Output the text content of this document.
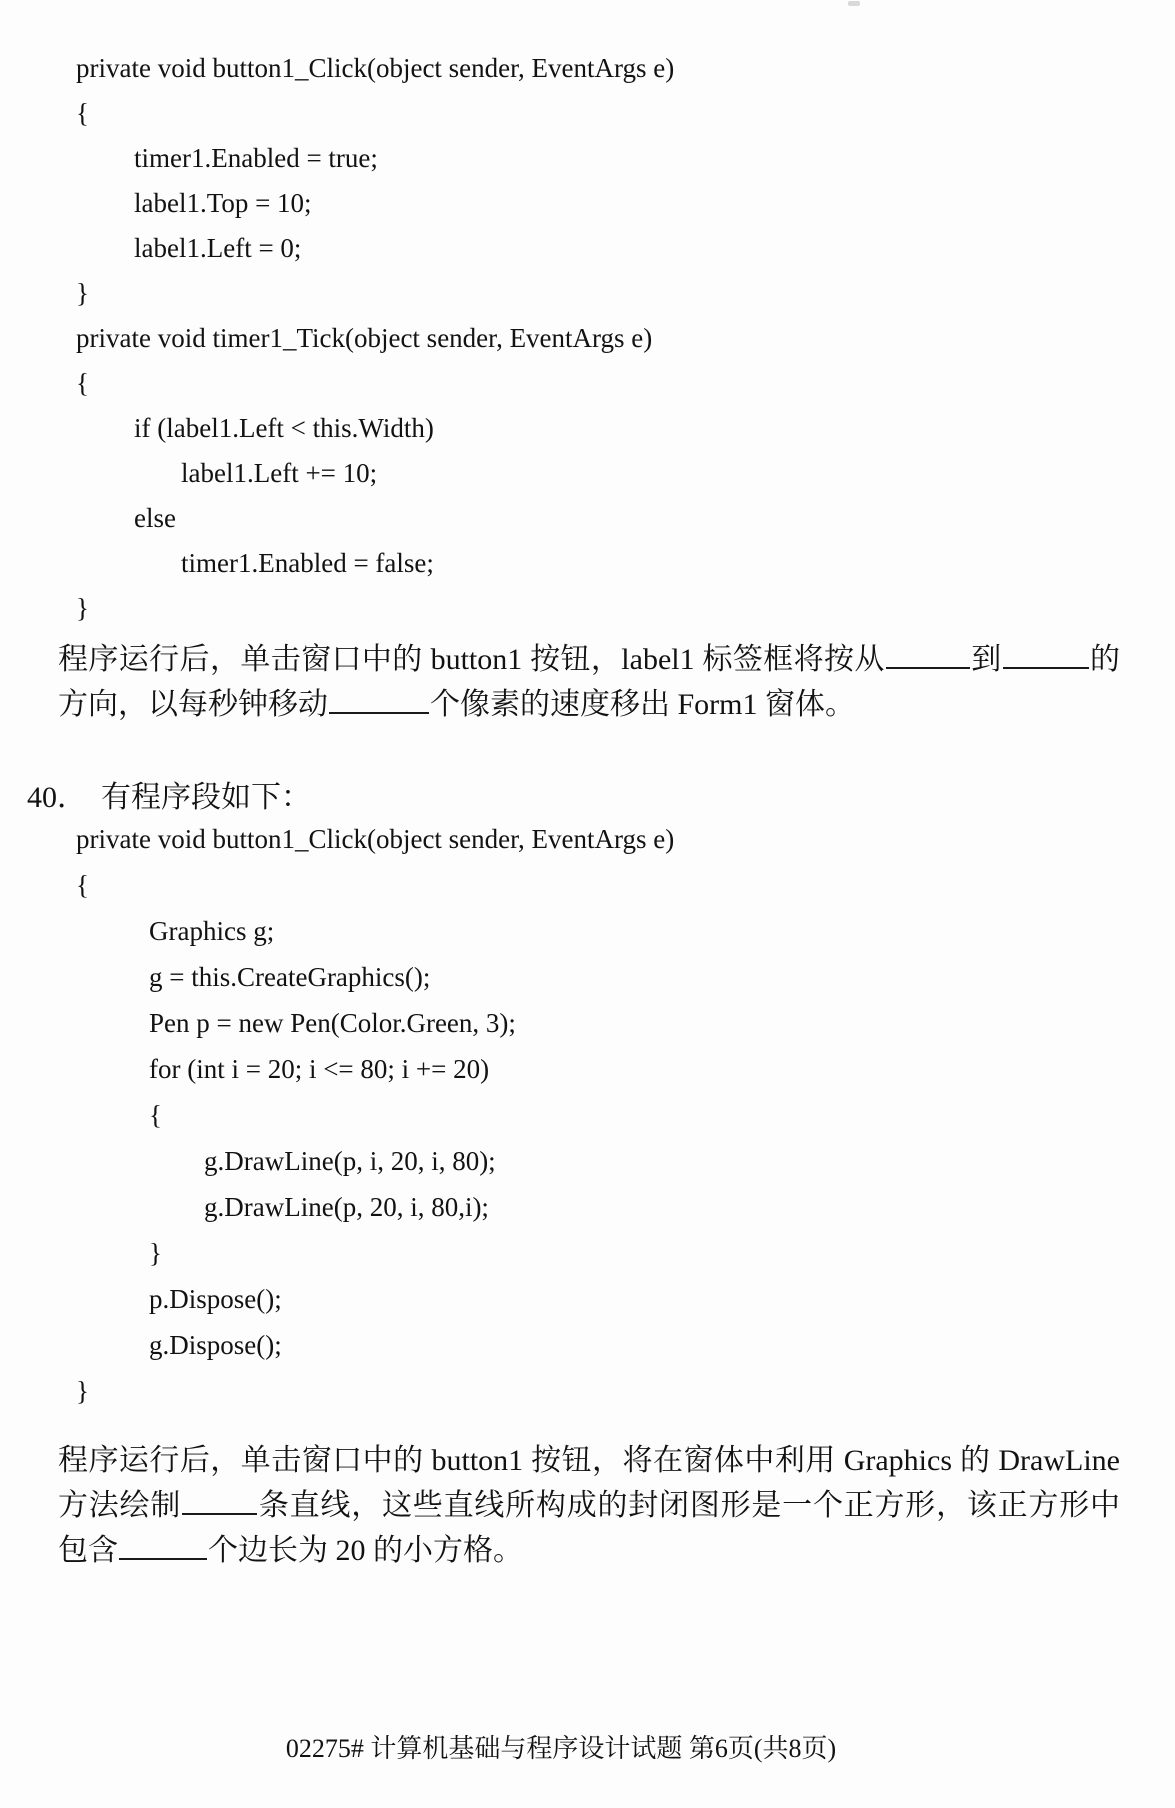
private void button1_Click(object sender, EventArgs e)
{
timer1.Enabled = true;
label1.Top = 10;
label1.Left = 0;
}
private void timer1_Tick(object sender, EventArgs e)
{
if (label1.Left < this.Width)
label1.Left += 10;
else
timer1.Enabled = false;
}

程序运行后，单击窗口中的 button1 按钮，label1 标签框将按从	到	的方向，以每秒钟移动	个像素的速度移出 Form1 窗体。

40． 有程序段如下：
private void button1_Click(object sender, EventArgs e)
{
Graphics g;
g = this.CreateGraphics();
Pen p = new Pen(Color.Green, 3);
for (int i = 20; i <= 80; i += 20)
{
g.DrawLine(p, i, 20, i, 80);
g.DrawLine(p, 20, i, 80,i);
}
p.Dispose();
g.Dispose();
}

程序运行后，单击窗口中的 button1 按钮，将在窗体中利用 Graphics 的 DrawLine 方法绘制	条直线，这些直线所构成的封闭图形是一个正方形，该正方形中包含	个边长为 20 的小方格。

02275# 计算机基础与程序设计试题 第6页(共8页)
